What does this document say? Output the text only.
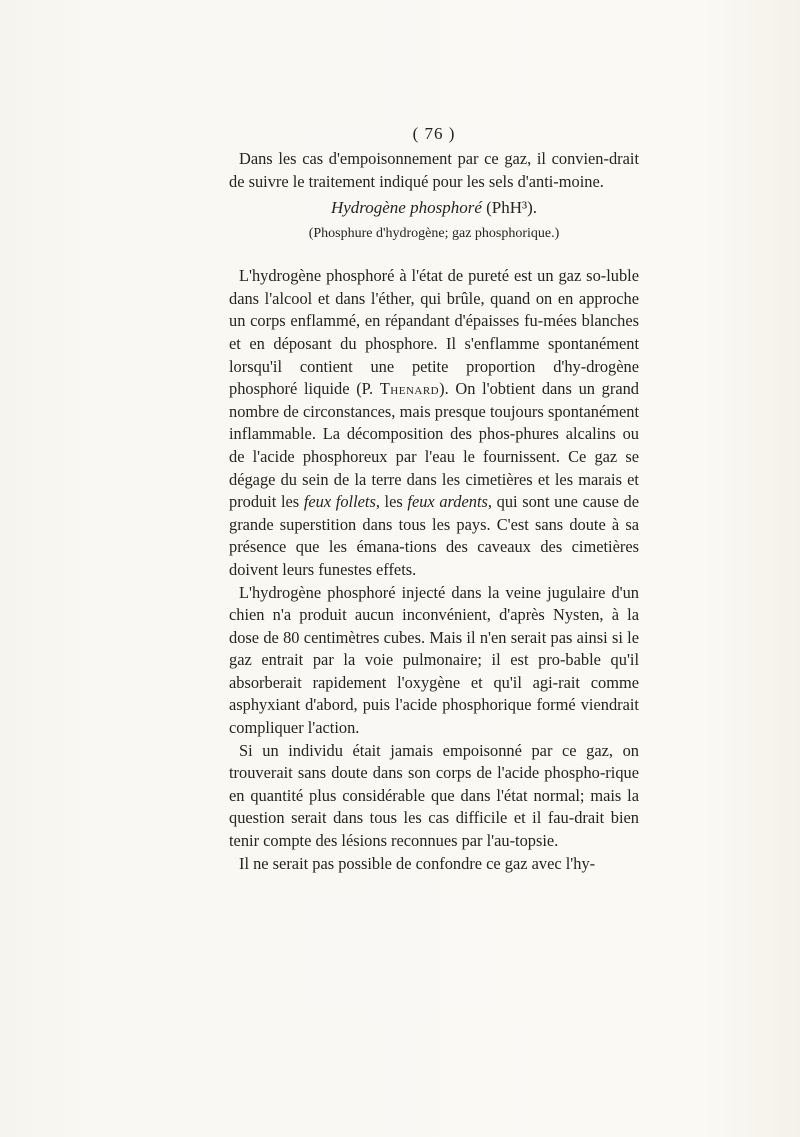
( 76 )

Dans les cas d'empoisonnement par ce gaz, il convien-drait de suivre le traitement indiqué pour les sels d'anti-moine.

Hydrogène phosphoré (PhH³).
(Phosphure d'hydrogène; gaz phosphorique.)

L'hydrogène phosphoré à l'état de pureté est un gaz so-luble dans l'alcool et dans l'éther, qui brûle, quand on en approche un corps enflammé, en répandant d'épaisses fu-mées blanches et en déposant du phosphore. Il s'enflamme spontanément lorsqu'il contient une petite proportion d'hy-drogène phosphoré liquide (P. Thenard). On l'obtient dans un grand nombre de circonstances, mais presque toujours spontanément inflammable. La décomposition des phos-phures alcalins ou de l'acide phosphoreux par l'eau le fournissent. Ce gaz se dégage du sein de la terre dans les cimetières et les marais et produit les feux follets, les feux ardents, qui sont une cause de grande superstition dans tous les pays. C'est sans doute à sa présence que les émana-tions des caveaux des cimetières doivent leurs funestes effets.

L'hydrogène phosphoré injecté dans la veine jugulaire d'un chien n'a produit aucun inconvénient, d'après Nysten, à la dose de 80 centimètres cubes. Mais il n'en serait pas ainsi si le gaz entrait par la voie pulmonaire; il est pro-bable qu'il absorberait rapidement l'oxygène et qu'il agi-rait comme asphyxiant d'abord, puis l'acide phosphorique formé viendrait compliquer l'action.

Si un individu était jamais empoisonné par ce gaz, on trouverait sans doute dans son corps de l'acide phospho-rique en quantité plus considérable que dans l'état normal; mais la question serait dans tous les cas difficile et il fau-drait bien tenir compte des lésions reconnues par l'au-topsie.

Il ne serait pas possible de confondre ce gaz avec l'hy-
